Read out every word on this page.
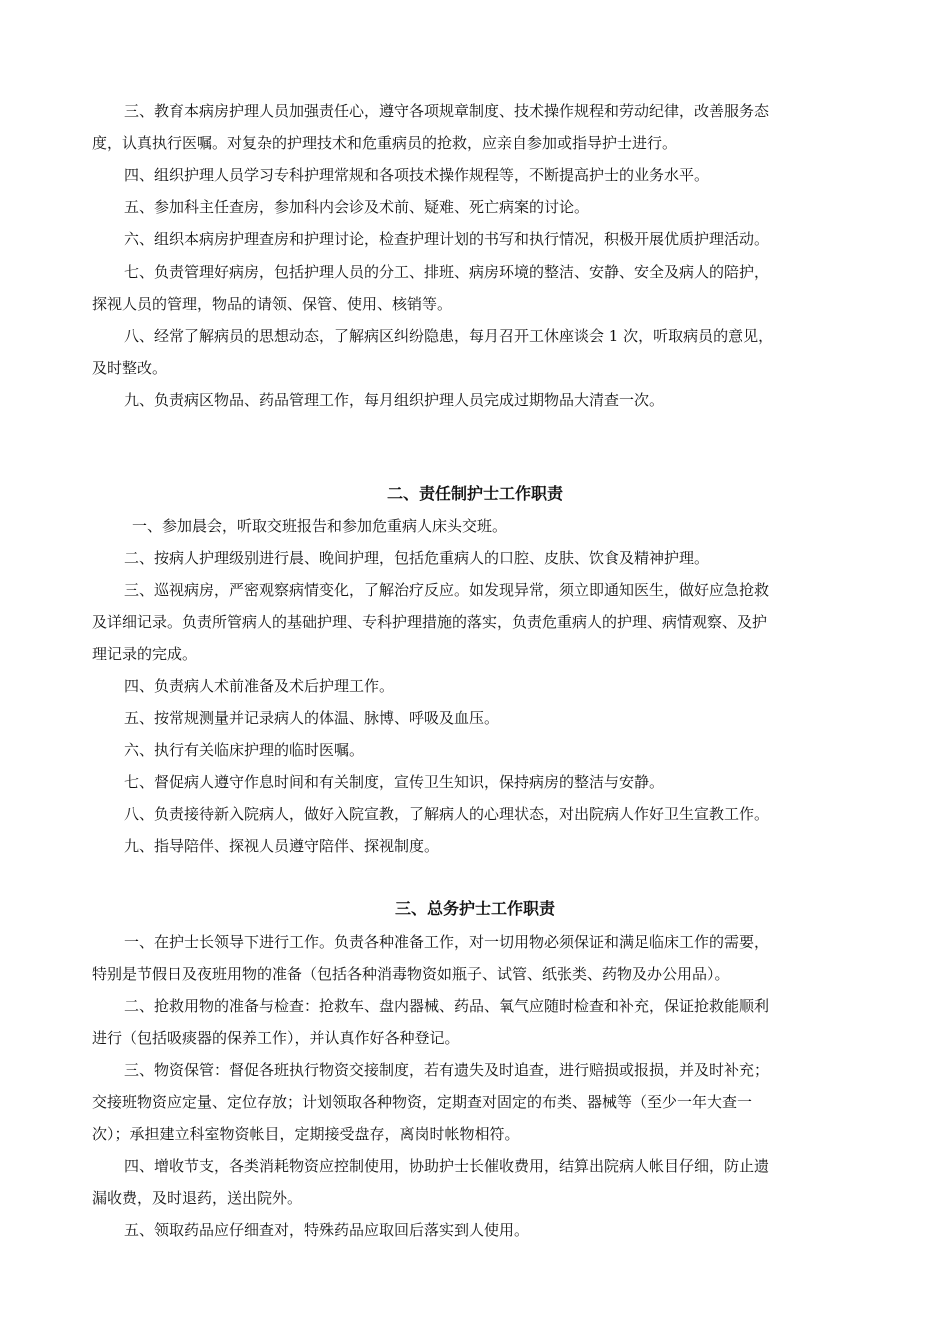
三、教育本病房护理人员加强责任心，遵守各项规章制度、技术操作规程和劳动纪律，改善服务态
度，认真执行医嘱。对复杂的护理技术和危重病员的抢救，应亲自参加或指导护士进行。
四、组织护理人员学习专科护理常规和各项技术操作规程等，不断提高护士的业务水平。
五、参加科主任查房，参加科内会诊及术前、疑难、死亡病案的讨论。
六、组织本病房护理查房和护理讨论，检查护理计划的书写和执行情况，积极开展优质护理活动。
七、负责管理好病房，包括护理人员的分工、排班、病房环境的整洁、安静、安全及病人的陪护，
探视人员的管理，物品的请领、保管、使用、核销等。
八、经常了解病员的思想动态，了解病区纠纷隐患，每月召开工休座谈会 1 次，听取病员的意见，
及时整改。
九、负责病区物品、药品管理工作，每月组织护理人员完成过期物品大清查一次。
二、责任制护士工作职责
一、参加晨会，听取交班报告和参加危重病人床头交班。
二、按病人护理级别进行晨、晚间护理，包括危重病人的口腔、皮肤、饮食及精神护理。
三、巡视病房，严密观察病情变化，了解治疗反应。如发现异常，须立即通知医生，做好应急抢救
及详细记录。负责所管病人的基础护理、专科护理措施的落实，负责危重病人的护理、病情观察、及护
理记录的完成。
四、负责病人术前准备及术后护理工作。
五、按常规测量并记录病人的体温、脉博、呼吸及血压。
六、执行有关临床护理的临时医嘱。
七、督促病人遵守作息时间和有关制度，宣传卫生知识，保持病房的整洁与安静。
八、负责接待新入院病人，做好入院宣教，了解病人的心理状态，对出院病人作好卫生宣教工作。
九、指导陪伴、探视人员遵守陪伴、探视制度。
三、总务护士工作职责
一、在护士长领导下进行工作。负责各种准备工作，对一切用物必须保证和满足临床工作的需要，
特别是节假日及夜班用物的准备（包括各种消毒物资如瓶子、试管、纸张类、药物及办公用品）。
二、抢救用物的准备与检查：抢救车、盘内器械、药品、氧气应随时检查和补充，保证抢救能顺利
进行（包括吸痰器的保养工作），并认真作好各种登记。
三、物资保管：督促各班执行物资交接制度，若有遗失及时追查，进行赔损或报损，并及时补充；
交接班物资应定量、定位存放；计划领取各种物资，定期查对固定的布类、器械等（至少一年大查一
次）；承担建立科室物资帐目，定期接受盘存，离岗时帐物相符。
四、增收节支，各类消耗物资应控制使用，协助护士长催收费用，结算出院病人帐目仔细，防止遗
漏收费，及时退药，送出院外。
五、领取药品应仔细查对，特殊药品应取回后落实到人使用。
